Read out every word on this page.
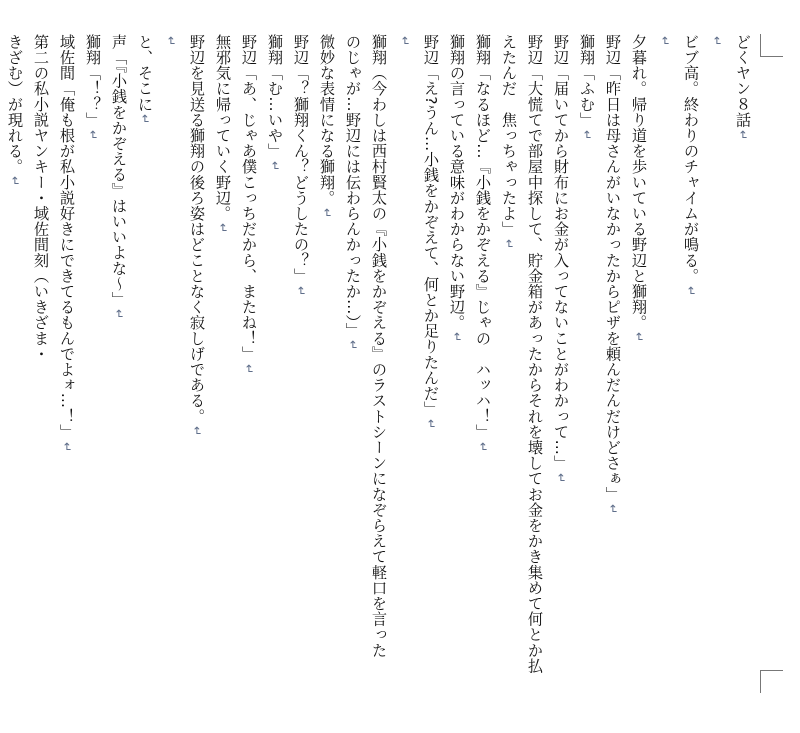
どくヤン８話↵
↵
ビブ高。終わりのチャイムが鳴る。↵
↵
夕暮れ。帰り道を歩いている野辺と獅翔。↵
野辺「昨日は母さんがいなかったからピザを頼んだんだけどさぁ」↵
獅翔「ふむ」↵
野辺「届いてから財布にお金が入ってないことがわかって…」↵
野辺「大慌てで部屋中探して、貯金箱があったからそれを壊してお金をかき集めて何とか払
えたんだ　焦っちゃったよ」↵
獅翔「なるほど…『小銭をかぞえる』じゃの　ハッハ！」↵
獅翔の言っている意味がわからない野辺。↵
野辺「え?うん…小銭をかぞえて、何とか足りたんだ」↵
↵
獅翔（今わしは西村賢太の『小銭をかぞえる』のラストシーンになぞらえて軽口を言った
のじゃが…野辺には伝わらんかったか…）」↵
微妙な表情になる獅翔。↵
野辺「？獅翔くん？どうしたの？」↵
獅翔「む…いや」↵
野辺「あ、じゃあ僕こっちだから、またね！」↵
無邪気に帰っていく野辺。↵
野辺を見送る獅翔の後ろ姿はどことなく寂しげである。↵
↵
と、そこに↵
声「『小銭をかぞえる』はいいよな～」↵
獅翔「！？」↵
域佐間「俺も根が私小説好きにできてるもんでよォ…！」↵
第二の私小説ヤンキー・域佐間刻（いきざま・
きざむ）が現れる。↵
